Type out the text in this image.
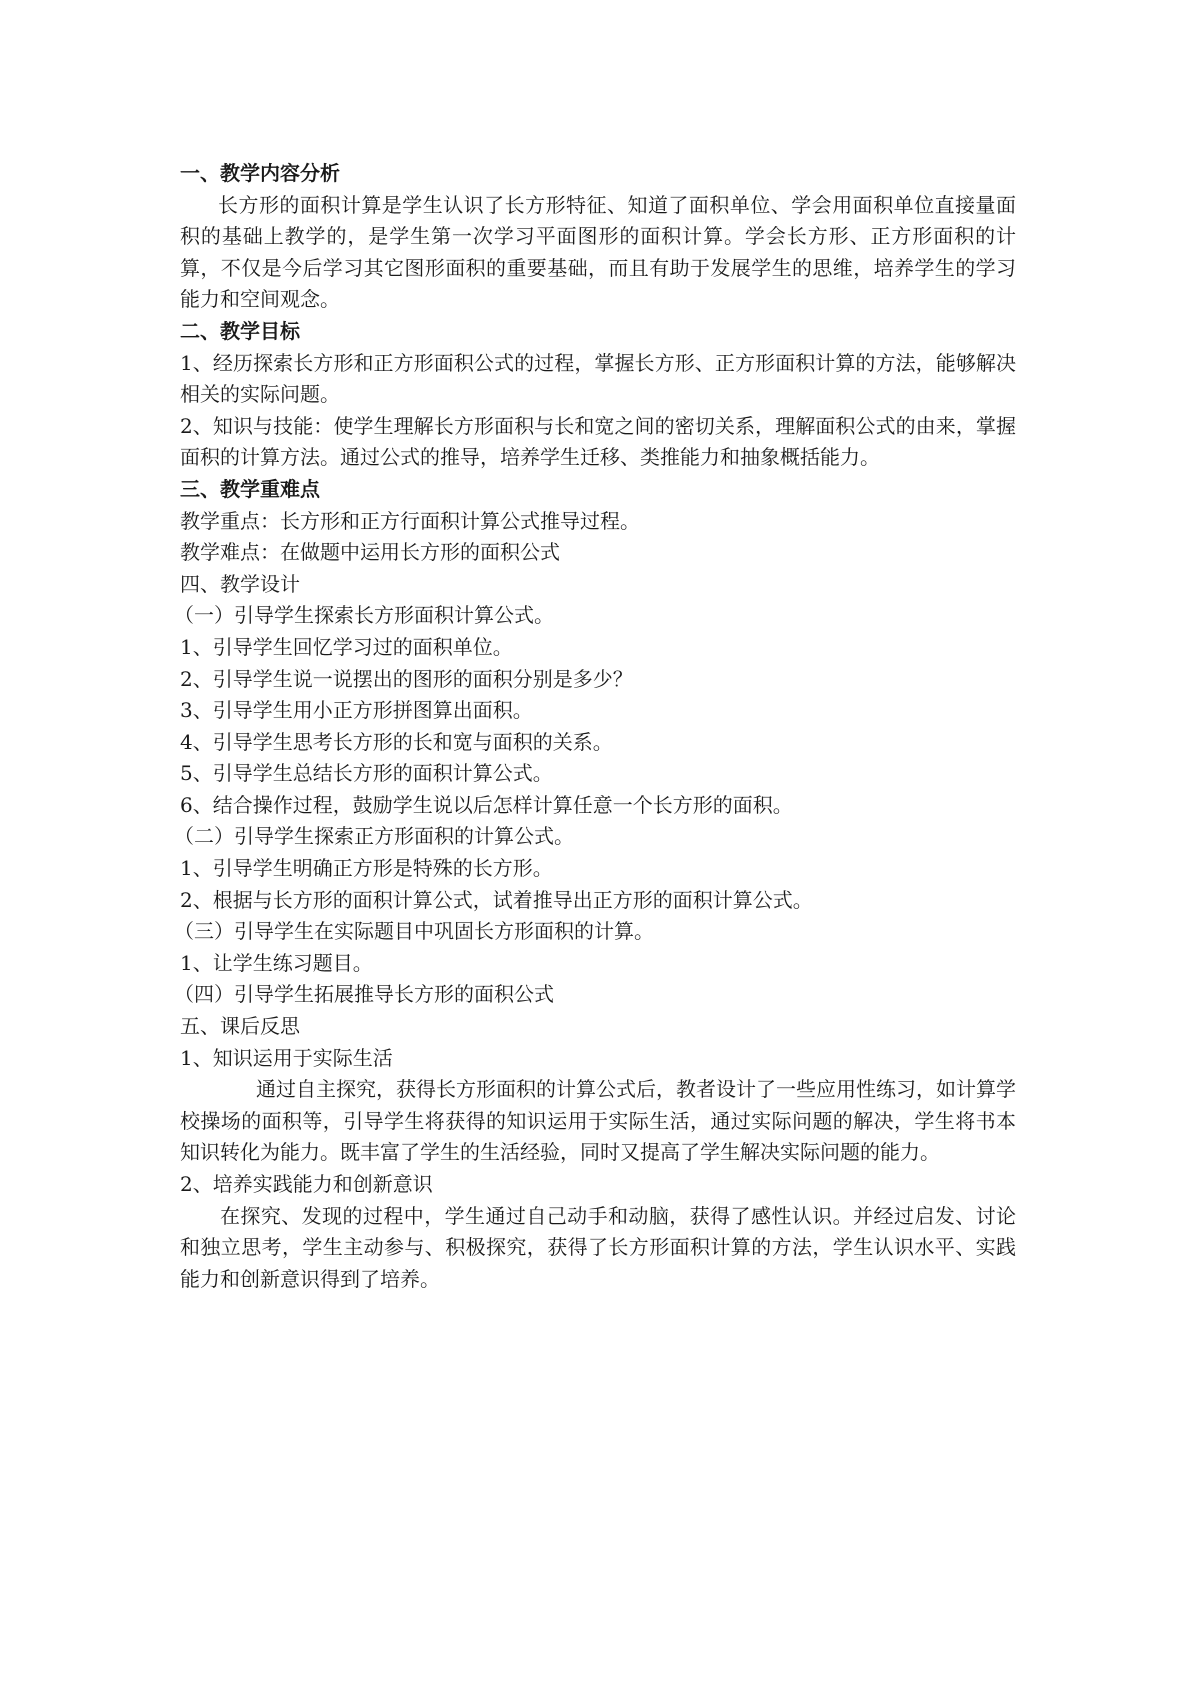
一、教学内容分析

长方形的面积计算是学生认识了长方形特征、知道了面积单位、学会用面积单位直接量面积的基础上教学的，是学生第一次学习平面图形的面积计算。学会长方形、正方形面积的计算，不仅是今后学习其它图形面积的重要基础，而且有助于发展学生的思维，培养学生的学习能力和空间观念。

二、教学目标

1、经历探索长方形和正方形面积公式的过程，掌握长方形、正方形面积计算的方法，能够解决相关的实际问题。

2、知识与技能：使学生理解长方形面积与长和宽之间的密切关系，理解面积公式的由来，掌握面积的计算方法。通过公式的推导，培养学生迁移、类推能力和抽象概括能力。

三、教学重难点

教学重点：长方形和正方行面积计算公式推导过程。

教学难点：在做题中运用长方形的面积公式

四、教学设计

（一）引导学生探索长方形面积计算公式。

1、引导学生回忆学习过的面积单位。

2、引导学生说一说摆出的图形的面积分别是多少？

3、引导学生用小正方形拼图算出面积。

4、引导学生思考长方形的长和宽与面积的关系。

5、引导学生总结长方形的面积计算公式。

6、结合操作过程，鼓励学生说以后怎样计算任意一个长方形的面积。

（二）引导学生探索正方形面积的计算公式。

1、引导学生明确正方形是特殊的长方形。

2、根据与长方形的面积计算公式，试着推导出正方形的面积计算公式。

（三）引导学生在实际题目中巩固长方形面积的计算。

1、让学生练习题目。

（四）引导学生拓展推导长方形的面积公式

五、课后反思

1、知识运用于实际生活

通过自主探究，获得长方形面积的计算公式后，教者设计了一些应用性练习，如计算学校操场的面积等，引导学生将获得的知识运用于实际生活，通过实际问题的解决，学生将书本知识转化为能力。既丰富了学生的生活经验，同时又提高了学生解决实际问题的能力。

2、培养实践能力和创新意识

在探究、发现的过程中，学生通过自己动手和动脑，获得了感性认识。并经过启发、讨论和独立思考，学生主动参与、积极探究，获得了长方形面积计算的方法，学生认识水平、实践能力和创新意识得到了培养。
